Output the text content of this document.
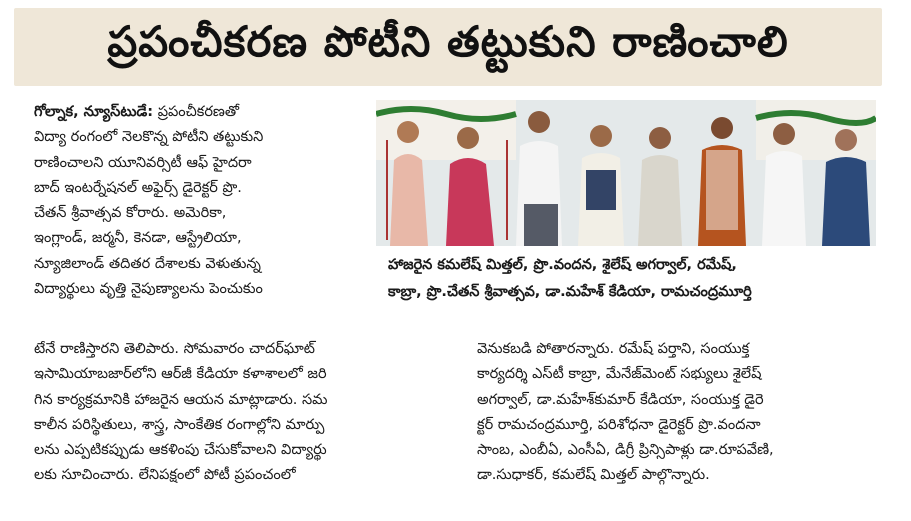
ప్రపంచీకరణ పోటీని తట్టుకుని రాణించాలి
గోల్నాక, న్యూస్‌టుడే: ప్రపంచీకరణతో
విద్యా రంగంలో నెలకొన్న పోటీని తట్టుకుని
రాణించాలని యూనివర్సిటీ ఆఫ్ హైదరా
బాద్ ఇంటర్నేషనల్ అఫైర్స్ డైరెక్టర్ ప్రొ.
చేతన్ శ్రీవాత్సవ కోరారు. అమెరికా,
ఇంగ్లాండ్, జర్మనీ, కెనడా, ఆస్ట్రేలియా,
న్యూజిలాండ్ తదితర దేశాలకు వెళుతున్న
విద్యార్థులు వృత్తి నైపుణ్యాలను పెంచుకుం
హాజరైన కమలేష్ మిత్తల్, ప్రొ.వందన, శైలేష్ అగర్వాల్, రమేష్,
కాబ్రా, ప్రొ.చేతన్ శ్రీవాత్సవ, డా.మహేశ్ కేడియా, రామచంద్రమూర్తి
టేనే రాణిస్తారని తెలిపారు. సోమవారం చాదర్‌ఘాట్
ఇసామియాబజార్‌లోని ఆర్‌జీ కేడియా కళాశాలలో జరి
గిన కార్యక్రమానికి హాజరైన ఆయన మాట్లాడారు. సమ
కాలీన పరిస్థితులు, శాస్త్ర, సాంకేతిక రంగాల్లోని మార్పు
లను ఎప్పటికప్పుడు ఆకళింపు చేసుకోవాలని విద్యార్థు
లకు సూచించారు. లేనిపక్షంలో పోటీ ప్రపంచంలో
వెనుకబడి పోతారన్నారు. రమేష్ పర్తాని, సంయుక్త
కార్యదర్శి ఎస్‌టీ కాబ్రా, మేనేజ్‌మెంట్ సభ్యులు శైలేష్
అగర్వాల్, డా.మహేశ్‌కుమార్ కేడియా, సంయుక్త డైరె
క్టర్ రామచంద్రమూర్తి, పరిశోధనా డైరెక్టర్ ప్రొ.వందనా
సాంబ, ఎంబీఏ, ఎంసీఏ, డిగ్రీ ప్రిన్సిపాళ్లు డా.రూపవేణి,
డా.సుధాకర్, కమలేష్ మిత్తల్ పాల్గొన్నారు.
